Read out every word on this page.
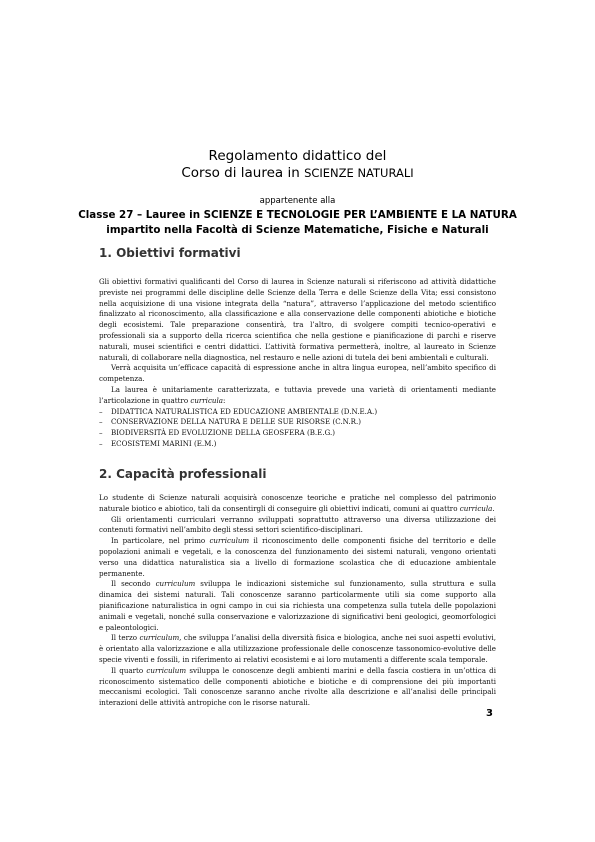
Regolamento didattico del
Corso di laurea in SCIENZE NATURALI
appartenente alla
Classe 27 – Lauree in SCIENZE E TECNOLOGIE PER L’AMBIENTE E LA NATURA
impartito nella Facoltà di Scienze Matematiche, Fisiche e Naturali
1. Obiettivi formativi

Gli obiettivi formativi qualificanti del Corso di laurea in Scienze naturali si riferiscono ad attività didattiche previste nei programmi delle discipline delle Scienze della Terra e delle Scienze della Vita; essi consistono nella acquisizione di una visione integrata della “natura”, attraverso l’applicazione del metodo scientifico finalizzato al riconoscimento, alla classificazione e alla conservazione delle componenti abiotiche e biotiche degli ecosistemi. Tale preparazione consentirà, tra l’altro, di svolgere compiti tecnico-operativi e professionali sia a supporto della ricerca scientifica che nella gestione e pianificazione di parchi e riserve naturali, musei scientifici e centri didattici. L’attività formativa permetterà, inoltre, al laureato in Scienze naturali, di collaborare nella diagnostica, nel restauro e nelle azioni di tutela dei beni ambientali e culturali.

Verrà acquisita un’efficace capacità di espressione anche in altra lingua europea, nell’ambito specifico di competenza.

La laurea è unitariamente caratterizzata, e tuttavia prevede una varietà di orientamenti mediante l’articolazione in quattro curricula:

– DIDATTICA NATURALISTICA ED EDUCAZIONE AMBIENTALE (D.N.E.A.)
– CONSERVAZIONE DELLA NATURA E DELLE SUE RISORSE (C.N.R.)
– BIODIVERSITÀ ED EVOLUZIONE DELLA GEOSFERA (B.E.G.)
– ECOSISTEMI MARINI (E.M.)
2. Capacità professionali

Lo studente di Scienze naturali acquisirà conoscenze teoriche e pratiche nel complesso del patrimonio naturale biotico e abiotico, tali da consentirgli di conseguire gli obiettivi indicati, comuni ai quattro curricula.

Gli orientamenti curriculari verranno sviluppati soprattutto attraverso una diversa utilizzazione dei contenuti formativi nell’ambito degli stessi settori scientifico-disciplinari.

In particolare, nel primo curriculum il riconoscimento delle componenti fisiche del territorio e delle popolazioni animali e vegetali, e la conoscenza del funzionamento dei sistemi naturali, vengono orientati verso una didattica naturalistica sia a livello di formazione scolastica che di educazione ambientale permanente.

Il secondo curriculum sviluppa le indicazioni sistemiche sul funzionamento, sulla struttura e sulla dinamica dei sistemi naturali. Tali conoscenze saranno particolarmente utili sia come supporto alla pianificazione naturalistica in ogni campo in cui sia richiesta una competenza sulla tutela delle popolazioni animali e vegetali, nonché sulla conservazione e valorizzazione di significativi beni geologici, geomorfologici e paleontologici.

Il terzo curriculum, che sviluppa l’analisi della diversità fisica e biologica, anche nei suoi aspetti evolutivi, è orientato alla valorizzazione e alla utilizzazione professionale delle conoscenze tassonomico-evolutive delle specie viventi e fossili, in riferimento ai relativi ecosistemi e ai loro mutamenti a differente scala temporale.

Il quarto curriculum sviluppa le conoscenze degli ambienti marini e della fascia costiera in un’ottica di riconoscimento sistematico delle componenti abiotiche e biotiche e di comprensione dei più importanti meccanismi ecologici. Tali conoscenze saranno anche rivolte alla descrizione e all’analisi delle principali interazioni delle attività antropiche con le risorse naturali.

3
